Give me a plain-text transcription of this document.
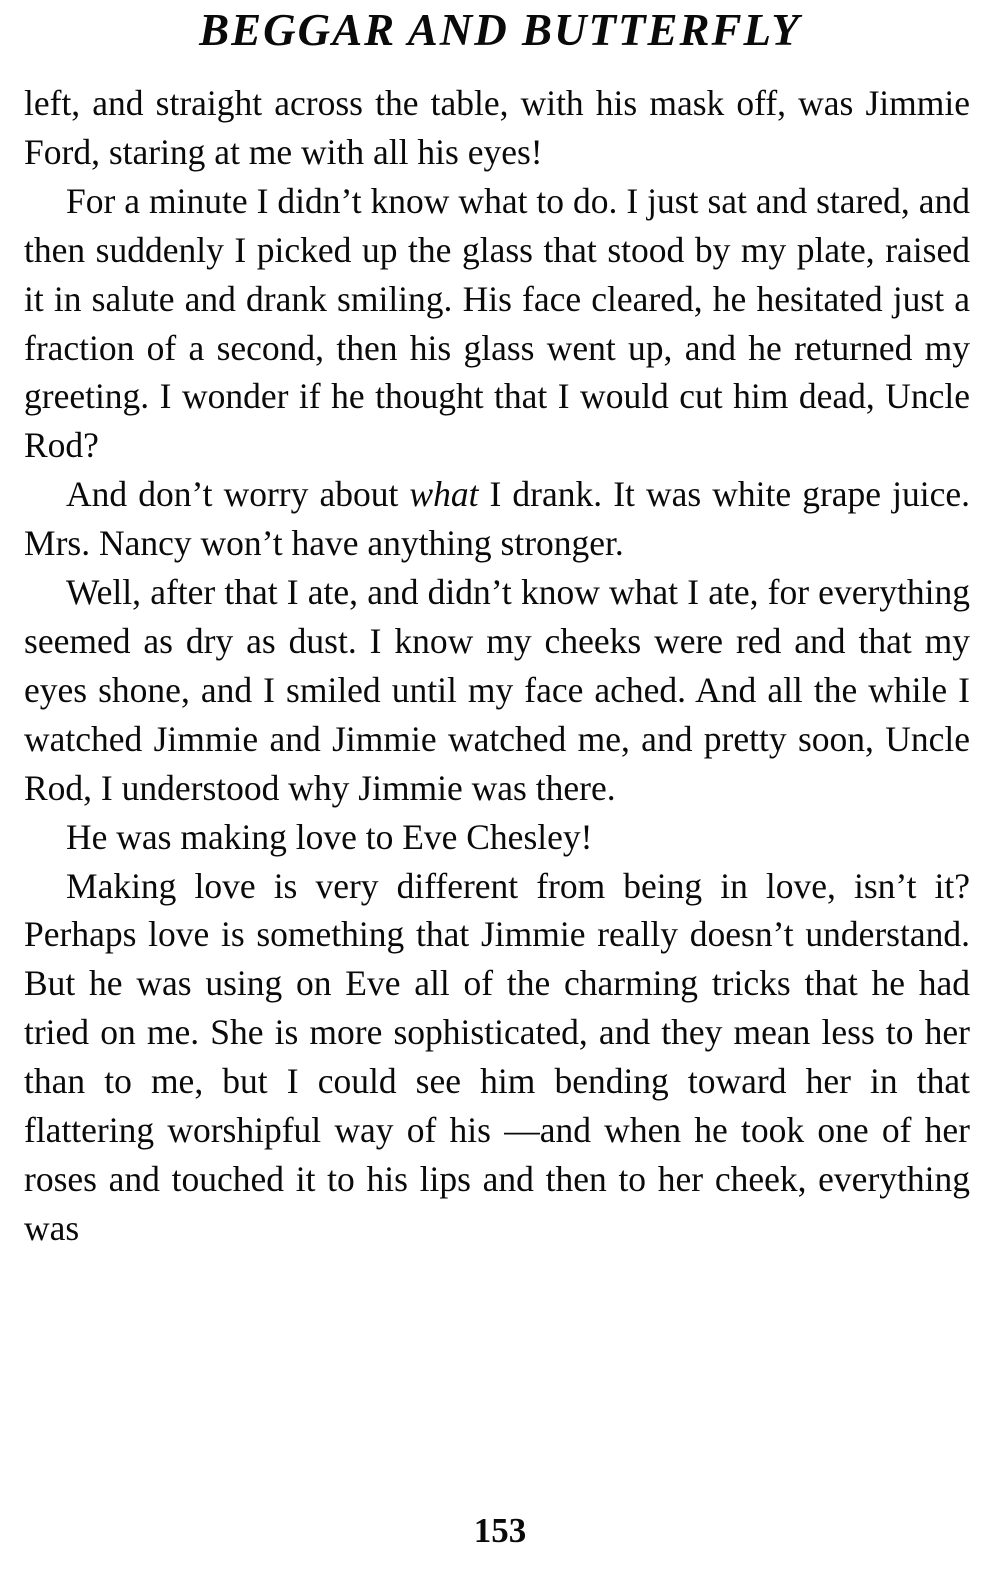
BEGGAR AND BUTTERFLY

left, and straight across the table, with his mask off, was Jimmie Ford, staring at me with all his eyes!

For a minute I didn’t know what to do. I just sat and stared, and then suddenly I picked up the glass that stood by my plate, raised it in salute and drank smiling. His face cleared, he hesitated just a fraction of a second, then his glass went up, and he returned my greeting. I wonder if he thought that I would cut him dead, Uncle Rod?

And don’t worry about what I drank. It was white grape juice. Mrs. Nancy won’t have anything stronger.

Well, after that I ate, and didn’t know what I ate, for everything seemed as dry as dust. I know my cheeks were red and that my eyes shone, and I smiled until my face ached. And all the while I watched Jimmie and Jimmie watched me, and pretty soon, Uncle Rod, I understood why Jimmie was there.

He was making love to Eve Chesley!

Making love is very different from being in love, isn’t it? Perhaps love is something that Jimmie really doesn’t understand. But he was using on Eve all of the charming tricks that he had tried on me. She is more sophisticated, and they mean less to her than to me, but I could see him bending toward her in that flattering worshipful way of his —and when he took one of her roses and touched it to his lips and then to her cheek, everything was

153
